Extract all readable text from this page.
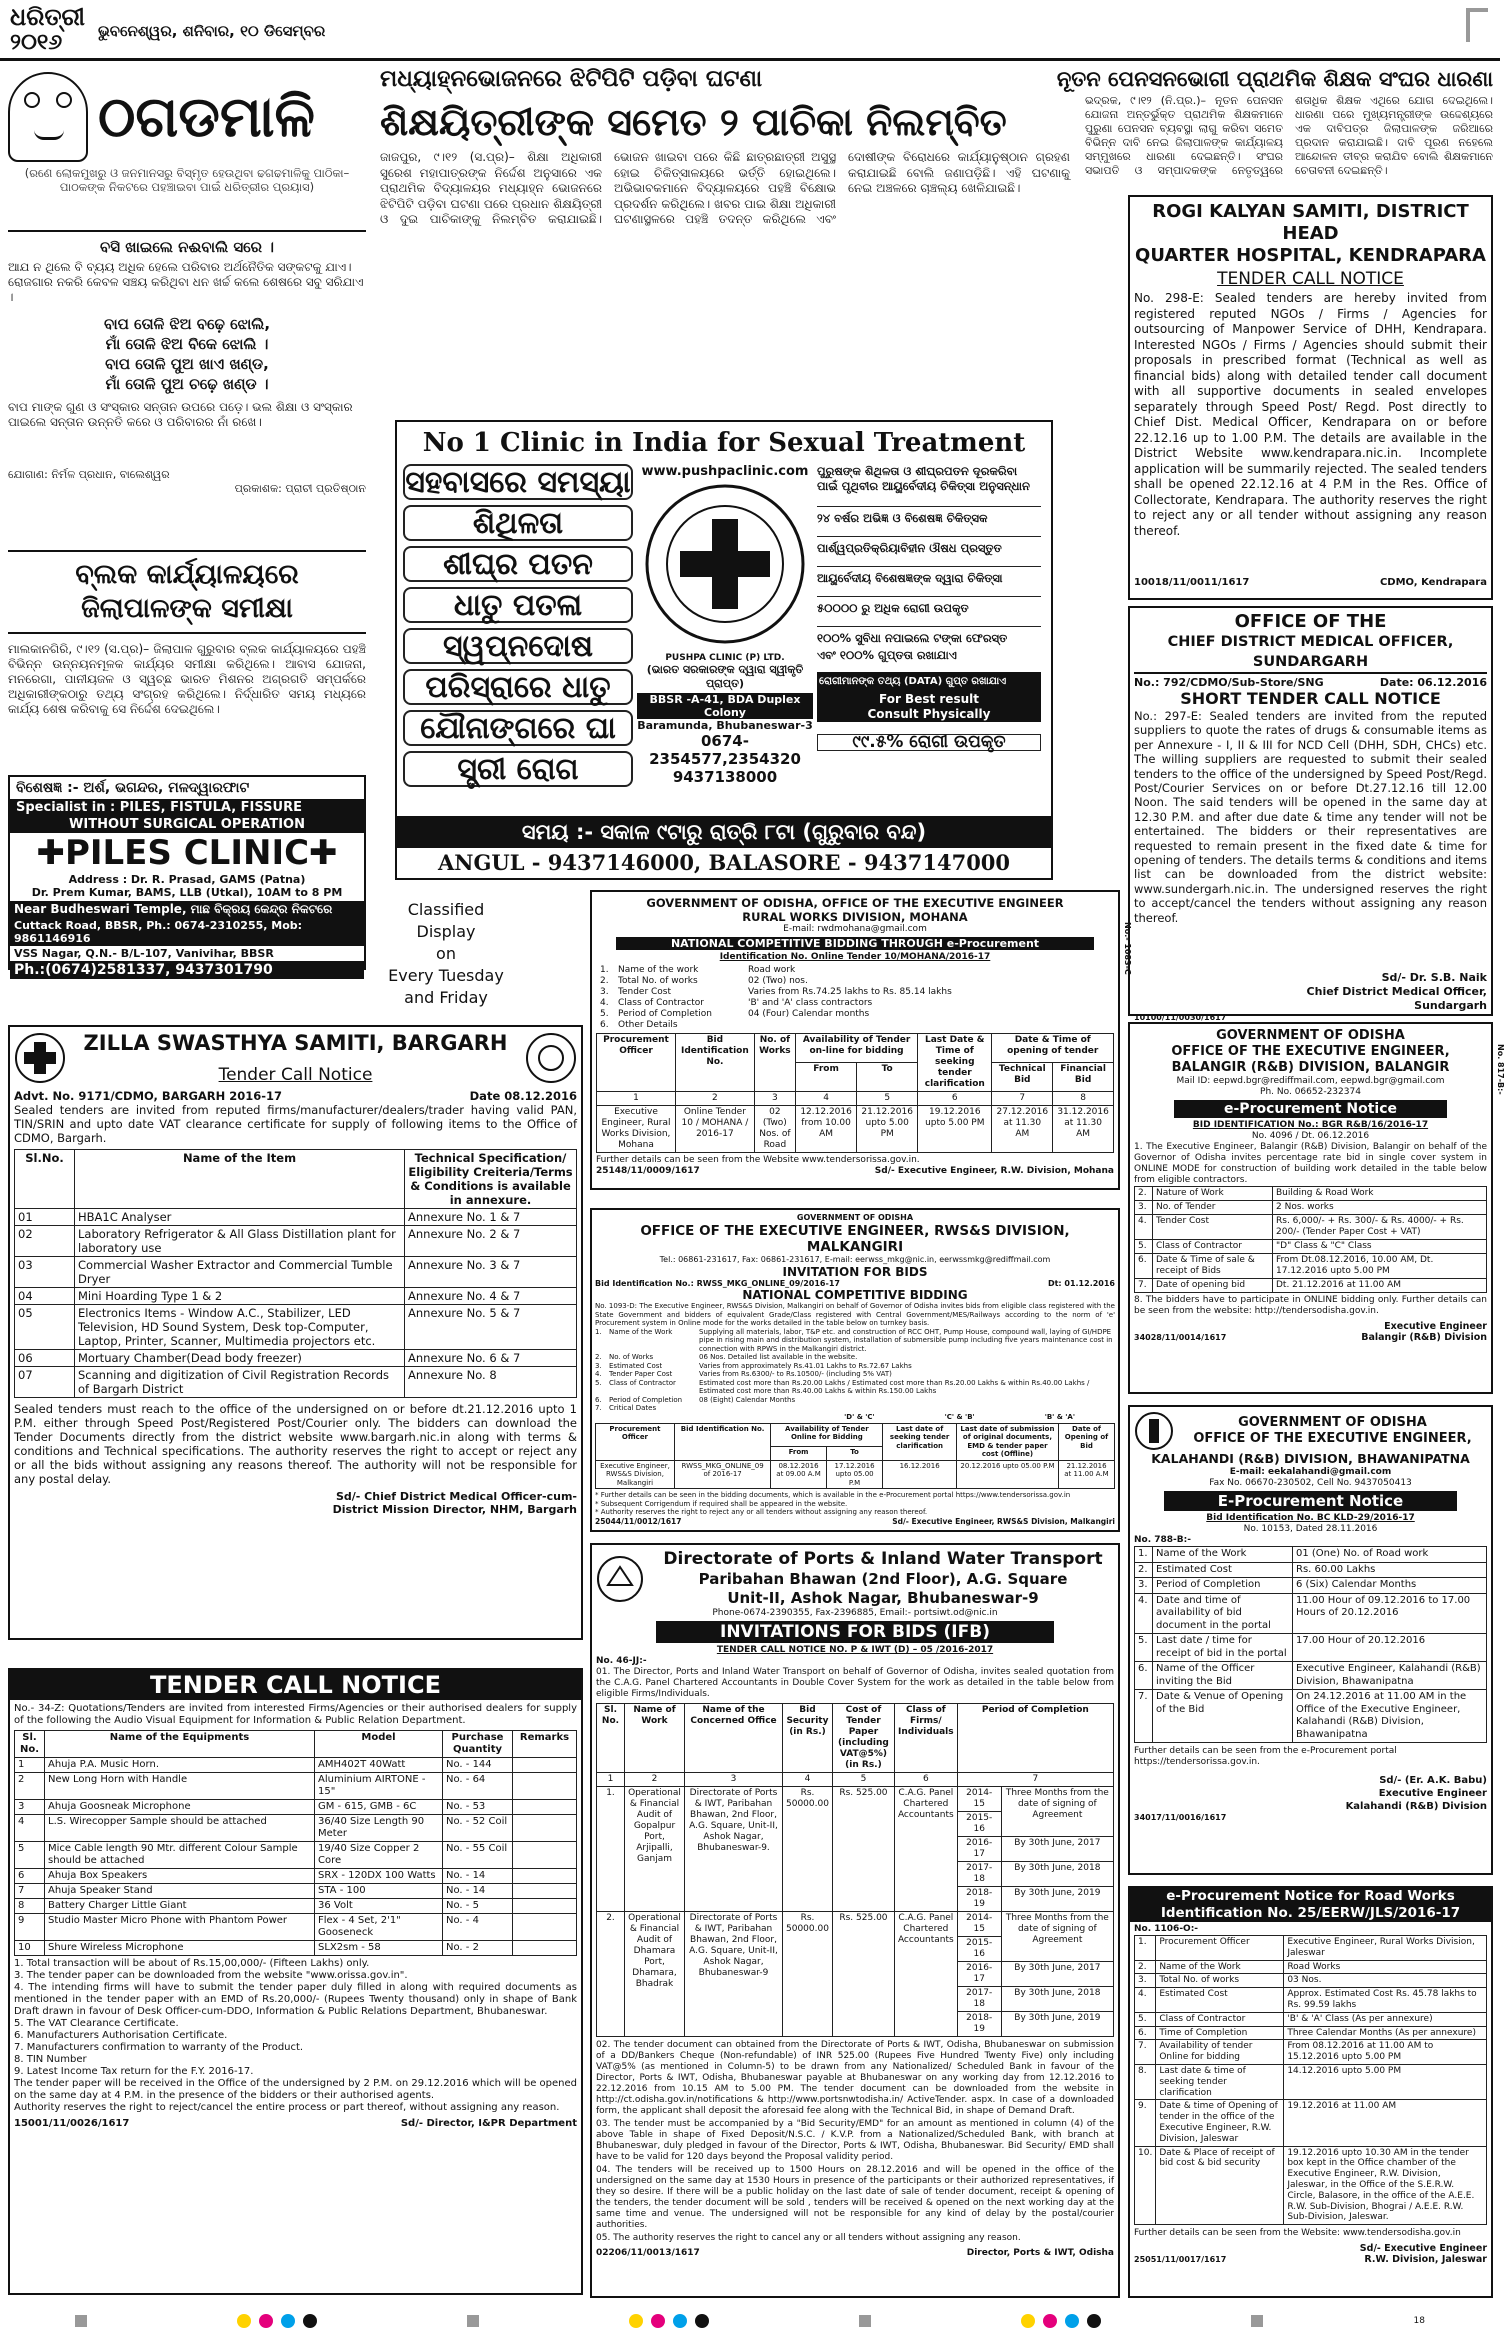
ଧରିତ୍ରୀ
୨୦୧୬	ଭୁବନେଶ୍ୱର, ଶନିବାର, ୧୦ ଡିସେମ୍ବର
ଠଗଡମାଳି
(ରଣେ ଲୋକମୁଖରୁ ଓ ଜନମାନସରୁ ବିସ୍ମୃତ ହେଉଥିବା ଢଗଢମାଳିକୁ ପାଠିକା–ପାଠକଙ୍କ ନିକଟରେ ପହଞ୍ଚାଇବା ପାଇଁ ଧରିତ୍ରୀର ପ୍ରୟାସ)
ବସି ଖାଇଲେ ନଈବାଲି ସରେ ।
ଆଯ ନ ଥିଲେ ବି ବ୍ୟୟ ଅଧିକ ହେଲେ ପରିବାର ଅର୍ଥନୈତିକ ସଙ୍କଟକୁ ଯାଏ। ରୋଜଗାର ନକରି କେବଳ ସଞ୍ଚୟ କରିଥିବା ଧନ ଖର୍ଚ୍ଚ କଲେ ଶେଷରେ ସବୁ ସରିଯାଏ ।
ବାପ ତୋଳି ଝିଅ ବଢ଼େ ଝୋଲି,
ମାଁ ତୋଳି ଝିଅ ବିକେ ଝୋଲି ।
ବାପ ତୋଳି ପୁଅ ଖାଏ ଖଣ୍ଡ,
ମାଁ ତୋଳି ପୁଅ ଚଢ଼େ ଖଣ୍ଡ ।
ବାପ ମାଙ୍କ ଗୁଣ ଓ ସଂସ୍କାର ସନ୍ତାନ ଉପରେ ପଡ଼େ। ଭଲ ଶିକ୍ଷା ଓ ସଂସ୍କାର ପାଇଲେ ସନ୍ତାନ ଉନ୍ନତି କରେ ଓ ପରିବାରର ନାଁ ରଖେ।
ଯୋଗାଣ: ନିର୍ମଳ ପ୍ରଧାନ, ବାଲେଶ୍ୱର
ପ୍ରକାଶକ: ପ୍ରାଚୀ ପ୍ରତିଷ୍ଠାନ
ବ୍ଲକ କାର୍ଯ୍ୟାଳୟରେ ଜିଲାପାଳଙ୍କ ସମୀକ୍ଷା
ମାଲକାନଗିରି, ୯।୧୨ (ସ.ପ୍ର)– ଜିଲାପାଳ ଗୁରୁବାର ବ୍ଲକ କାର୍ଯ୍ୟାଳୟରେ ପହଞ୍ଚି ବିଭିନ୍ନ ଉନ୍ନୟନମୂଳକ କାର୍ଯ୍ୟର ସମୀକ୍ଷା କରିଥିଲେ। ଆବାସ ଯୋଜନା, ମନରେଗା, ପାନୀୟଜଳ ଓ ସ୍ୱଚ୍ଛ ଭାରତ ମିଶନର ଅଗ୍ରଗତି ସମ୍ପର୍କରେ ଅଧିକାରୀଙ୍କଠାରୁ ତଥ୍ୟ ସଂଗ୍ରହ କରିଥିଲେ। ନିର୍ଦ୍ଧାରିତ ସମୟ ମଧ୍ୟରେ କାର୍ଯ୍ୟ ଶେଷ କରିବାକୁ ସେ ନିର୍ଦ୍ଦେଶ ଦେଇଥିଲେ।
ବିଶେଷଜ୍ଞ :- ଅର୍ଶ, ଭଗନ୍ଦର, ମଳଦ୍ୱାରଫାଟ
Specialist in : PILES, FISTULA, FISSURE
WITHOUT SURGICAL OPERATION
✚PILES CLINIC✚
Address : Dr. R. Prasad, GAMS (Patna)
Dr. Prem Kumar, BAMS, LLB (Utkal), 10AM to 8 PM
Near Budheswari Temple, ମାଛ ବିକ୍ରୟ କେନ୍ଦ୍ର ନିକଟରେ
Cuttack Road, BBSR, Ph.: 0674-2310255, Mob: 9861146916
VSS Nagar, Q.N.- B/L-107, Vanivihar, BBSR
Ph.:(0674)2581337, 9437301790
Classified Display
on
Every Tuesday
and Friday
ମଧ୍ୟାହ୍ନଭୋଜନରେ ଝିଟିପିଟି ପଡ଼ିବା ଘଟଣା
ଶିକ୍ଷୟିତ୍ରୀଙ୍କ ସମେତ ୨ ପାଚିକା ନିଲମ୍ବିତ
ଜାଜପୁର, ୯।୧୨ (ସ.ପ୍ର)– ଶିକ୍ଷା ଅଧିକାରୀ ସୁରେଶ ମହାପାତ୍ରଙ୍କ ନିର୍ଦ୍ଦେଶ ଅନୁସାରେ ଏକ ପ୍ରାଥମିକ ବିଦ୍ୟାଳୟର ମଧ୍ୟାହ୍ନ ଭୋଜନରେ ଝିଟିପିଟି ପଡ଼ିବା ଘଟଣା ପରେ ପ୍ରଧାନ ଶିକ୍ଷୟିତ୍ରୀ ଓ ଦୁଇ ପାଚିକାଙ୍କୁ ନିଲମ୍ବିତ କରାଯାଇଛି। ଭୋଜନ ଖାଇବା ପରେ କିଛି ଛାତ୍ରଛାତ୍ରୀ ଅସୁସ୍ଥ ହୋଇ ଚିକିତ୍ସାଳୟରେ ଭର୍ତ୍ତି ହୋଇଥିଲେ। ଅଭିଭାବକମାନେ ବିଦ୍ୟାଳୟରେ ପହଞ୍ଚି ବିକ୍ଷୋଭ ପ୍ରଦର୍ଶନ କରିଥିଲେ। ଖବର ପାଇ ଶିକ୍ଷା ଅଧିକାରୀ ଘଟଣାସ୍ଥଳରେ ପହଞ୍ଚି ତଦନ୍ତ କରିଥିଲେ ଏବଂ ଦୋଷୀଙ୍କ ବିରୋଧରେ କାର୍ଯ୍ୟାନୁଷ୍ଠାନ ଗ୍ରହଣ କରାଯାଇଛି ବୋଲି ଜଣାପଡ଼ିଛି। ଏହି ଘଟଣାକୁ ନେଇ ଅଞ୍ଚଳରେ ଚାଞ୍ଚଲ୍ୟ ଖେଳିଯାଇଛି।
ନୂତନ ପେନସନଭୋଗୀ ପ୍ରାଥମିକ ଶିକ୍ଷକ ସଂଘର ଧାରଣା
ଭଦ୍ରକ, ୯।୧୨ (ନି.ପ୍ର.)– ନୂତନ ପେନସନ ଯୋଜନା ଅନ୍ତର୍ଭୁକ୍ତ ପ୍ରାଥମିକ ଶିକ୍ଷକମାନେ ପୁରୁଣା ପେନସନ ବ୍ୟବସ୍ଥା ଲାଗୁ କରିବା ସମେତ ବିଭିନ୍ନ ଦାବି ନେଇ ଜିଲାପାଳଙ୍କ କାର୍ଯ୍ୟାଳୟ ସମ୍ମୁଖରେ ଧାରଣା ଦେଇଛନ୍ତି। ସଂଘର ସଭାପତି ଓ ସମ୍ପାଦକଙ୍କ ନେତୃତ୍ୱରେ ଶତାଧିକ ଶିକ୍ଷକ ଏଥିରେ ଯୋଗ ଦେଇଥିଲେ। ଧାରଣା ପରେ ମୁଖ୍ୟମନ୍ତ୍ରୀଙ୍କ ଉଦ୍ଦେଶ୍ୟରେ ଏକ ଦାବିପତ୍ର ଜିଲାପାଳଙ୍କ ଜରିଆରେ ପ୍ରଦାନ କରାଯାଇଛି। ଦାବି ପୂରଣ ନହେଲେ ଆନ୍ଦୋଳନ ତୀବ୍ର କରାଯିବ ବୋଲି ଶିକ୍ଷକମାନେ ଚେତାବନୀ ଦେଇଛନ୍ତି।
No 1 Clinic in India for Sexual Treatment
ସହବାସରେ ସମସ୍ୟା
ଶିଥିଳତା
ଶୀଘ୍ର ପତନ
ଧାତୁ ପତଳା
ସ୍ୱପ୍ନଦୋଷ
ପରିସ୍ରାରେ ଧାତୁ
ଯୌନାଙ୍ଗରେ ଘା
ସ୍ତ୍ରୀ ରୋଗ
www.pushpaclinic.com
PUSHPA CLINIC (P) LTD.
(ଭାରତ ସରକାରଙ୍କ ଦ୍ୱାରା ସ୍ୱୀକୃତି ପ୍ରାପ୍ତ)
BBSR -A-41, BDA Duplex Colony
Baramunda, Bhubaneswar-3
0674-2354577,2354320
9437138000
ପୁରୁଷଙ୍କ ଶିଥିଳତା ଓ ଶୀଘ୍ରପତନ ଦୂରକରିବା ପାଇଁ ପୃଥିବୀର ଆୟୁର୍ବେଦୀୟ ଚିକିତ୍ସା ଅନୁସନ୍ଧାନ
୨୪ ବର୍ଷର ଅଭିଜ୍ଞ ଓ ବିଶେଷଜ୍ଞ ଚିକିତ୍ସକ
ପାର୍ଶ୍ୱପ୍ରତିକ୍ରିୟାବିହୀନ ଔଷଧ ପ୍ରସ୍ତୁତ
ଆୟୁର୍ବେଦୀୟ ବିଶେଷଜ୍ଞଙ୍କ ଦ୍ୱାରା ଚିକିତ୍ସା
୫୦୦୦୦ ରୁ ଅଧିକ ରୋଗୀ ଉପକୃତ
୧୦୦% ସୁବିଧା ନପାଇଲେ ଟଙ୍କା ଫେରସ୍ତ
ଏବଂ ୧୦୦% ଗୁପ୍ତତା ରଖାଯାଏ
ରୋଗୀମାନଙ୍କ ତଥ୍ୟ (DATA) ଗୁପ୍ତ ରଖାଯାଏ
For Best result
Consult Physically
୯୯.୫% ରୋଗୀ ଉପକୃତ
ସମୟ :- ସକାଳ ୯ଟାରୁ ରାତ୍ରି ୮ଟା (ଗୁରୁବାର ବନ୍ଦ)
ANGUL - 9437146000, BALASORE - 9437147000
ROGI KALYAN SAMITI, DISTRICT HEAD
QUARTER HOSPITAL, KENDRAPARA
TENDER CALL NOTICE
No. 298-E: Sealed tenders are hereby invited from registered reputed NGOs / Firms / Agencies for outsourcing of Manpower Service of DHH, Kendrapara. Interested NGOs / Firms / Agencies should submit their proposals in prescribed format (Technical as well as financial bids) along with detailed tender call document with all supportive documents in sealed envelopes separately through Speed Post/ Regd. Post directly to Chief Dist. Medical Officer, Kendrapara on or before 22.12.16 up to 1.00 P.M. The details are available in the District Website www.kendrapara.nic.in. Incomplete application will be summarily rejected. The sealed tenders shall be opened 22.12.16 at 4 P.M in the Res. Office of Collectorate, Kendrapara. The authority reserves the right to reject any or all tender without assigning any reason thereof.
10018/11/0011/1617	CDMO, Kendrapara
OFFICE OF THE
CHIEF DISTRICT MEDICAL OFFICER, SUNDARGARH
No.: 792/CDMO/Sub-Store/SNG	Date: 06.12.2016
SHORT TENDER CALL NOTICE
No.: 297-E: Sealed tenders are invited from the reputed suppliers to quote the rates of drugs & consumable items as per Annexure - I, II & III for NCD Cell (DHH, SDH, CHCs) etc. The willing suppliers are requested to submit their sealed tenders to the office of the undersigned by Speed Post/Regd. Post/Courier Services on or before Dt.27.12.16 till 12.00 Noon. The said tenders will be opened in the same day at 12.30 P.M. and after due date & time any tender will not be entertained. The bidders or their representatives are requested to remain present in the fixed date & time for opening of tenders. The details terms & conditions and items list can be downloaded from the district website: www.sundergarh.nic.in. The undersigned reserves the right to accept/cancel the tenders without assigning any reason thereof.
Sd/- Dr. S.B. Naik
Chief District Medical Officer,
Sundargarh
10100/11/0030/1617
ZILLA SWASTHYA SAMITI, BARGARH
Tender Call Notice
Advt. No. 9171/CDMO, BARGARH 2016-17	Date 08.12.2016
Sealed tenders are invited from reputed firms/manufacturer/dealers/trader having valid PAN, TIN/SRIN and upto date VAT clearance certificate for supply of following items to the Office of CDMO, Bargarh.
Sl.No.	Name of the Item	Technical Specification/ Eligibility Creiteria/Terms & Conditions is available in annexure.
01	HBA1C Analyser	Annexure No. 1 & 7
02	Laboratory Refrigerator & All Glass Distillation plant for laboratory use	Annexure No. 2 & 7
03	Commercial Washer Extractor and Commercial Tumble Dryer	Annexure No. 3 & 7
04	Mini Hoarding Type 1 & 2	Annexure No. 4 & 7
05	Electronics Items - Window A.C., Stabilizer, LED Television, HD Sound System, Desk top-Computer, Laptop, Printer, Scanner, Multimedia projectors etc.	Annexure No. 5 & 7
06	Mortuary Chamber(Dead body freezer)	Annexure No. 6 & 7
07	Scanning and digitization of Civil Registration Records of Bargarh District	Annexure No. 8
Sealed tenders must reach to the office of the undersigned on or before dt.21.12.2016 upto 1 P.M. either through Speed Post/Registered Post/Courier only. The bidders can download the Tender Documents directly from the district website www.bargarh.nic.in along with terms & conditions and Technical specifications. The authority reserves the right to accept or reject any or all the bids without assigning any reasons thereof. The authority will not be responsible for any postal delay.
Sd/- Chief District Medical Officer-cum-
District Mission Director, NHM, Bargarh
TENDER CALL NOTICE
No.- 34-Z: Quotations/Tenders are invited from interested Firms/Agencies or their authorised dealers for supply of the following the Audio Visual Equipment for Information & Public Relation Department.
Sl. No.	Name of the Equipments	Model	Purchase Quantity	Remarks
1	Ahuja P.A. Music Horn.	AMH402T 40Watt	No. - 144	
2	New Long Horn with Handle	Aluminium AIRTONE - 15"	No. - 64	
3	Ahuja Goosneak Microphone	GM - 615, GMB - 6C	No. - 53	
4	L.S. Wirecopper Sample should be attached	36/40 Size Length 90 Meter	No. - 52 Coil	
5	Mice Cable length 90 Mtr. different Colour Sample should be attached	19/40 Size Copper 2 Core	No. - 55 Coil	
6	Ahuja Box Speakers	SRX - 120DX 100 Watts	No. - 14	
7	Ahuja Speaker Stand	STA - 100	No. - 14	
8	Battery Charger Little Giant	36 Volt	No. - 5	
9	Studio Master Micro Phone with Phantom Power	Flex - 4 Set, 2'1" Gooseneck	No. - 4	
10	Shure Wireless Microphone	SLX2sm - 58	No. - 2	
1. Total transaction will be about of Rs.15,00,000/- (Fifteen Lakhs) only.
3. The tender paper can be downloaded from the website "www.orissa.gov.in".
4. The intending firms will have to submit the tender paper duly filled in along with required documents as mentioned in the tender paper with an EMD of Rs.20,000/- (Rupees Twenty thousand) only in shape of Bank Draft drawn in favour of Desk Officer-cum-DDO, Information & Public Relations Department, Bhubaneswar.
5. The VAT Clearance Certificate.
6. Manufacturers Authorisation Certificate.
7. Manufacturers confirmation to warranty of the Product.
8. TIN Number
9. Latest Income Tax return for the F.Y. 2016-17.
The tender paper will be received in the Office of the undersigned by 2 P.M. on 29.12.2016 which will be opened on the same day at 4 P.M. in the presence of the bidders or their authorised agents.
Authority reserves the right to reject/cancel the entire process or part thereof, without assigning any reason.
15001/11/0026/1617	Sd/- Director, I&PR Department
GOVERNMENT OF ODISHA, OFFICE OF THE EXECUTIVE ENGINEER
RURAL WORKS DIVISION, MOHANA
E-mail: rwdmohana@gmail.com
NATIONAL COMPETITIVE BIDDING THROUGH e-Procurement
Identification No. Online Tender 10/MOHANA/2016-17
1.	Name of the work	Road work
2.	Total No. of works	02 (Two) nos.
3.	Tender Cost	Varies from Rs.74.25 lakhs to Rs. 85.14 lakhs
4.	Class of Contractor	'B' and 'A' class contractors
5.	Period of Completion	04 (Four) Calendar months
6.	Other Details
Procurement Officer	Bid Identification No.	No. of Works	Availability of Tender on-line for bidding		Last Date & Time of seeking tender clarification	Date & Time of opening of tender	
			From	To		Technical Bid	Financial Bid
1	2	3	4	5	6	7	8
Executive Engineer, Rural Works Division, Mohana	Online Tender 10 / MOHANA / 2016-17	02 (Two) Nos. of Road	12.12.2016 from 10.00 AM	21.12.2016 upto 5.00 PM	19.12.2016 upto 5.00 PM	27.12.2016 at 11.30 AM	31.12.2016 at 11.30 AM
Further details can be seen from the Website www.tendersorissa.gov.in.
25148/11/0009/1617	Sd/- Executive Engineer, R.W. Division, Mohana
No.- 1083-C
GOVERNMENT OF ODISHA
OFFICE OF THE EXECUTIVE ENGINEER, RWS&S DIVISION, MALKANGIRI
Tel.: 06861-231617, Fax: 06861-231617, E-mail: eerwss_mkg@nic.in, eerwssmkg@rediffmail.com
INVITATION FOR BIDS
Bid Identification No.: RWSS_MKG_ONLINE_09/2016-17	Dt: 01.12.2016
NATIONAL COMPETITIVE BIDDING
No. 1093-D: The Executive Engineer, RWS&S Division, Malkangiri on behalf of Governor of Odisha invites bids from eligible class registered with the State Government and bidders of equivalent Grade/Class registered with Central Government/MES/Railways according to the norm of 'e' Procurement system in Online mode for the works detailed in the table below on turnkey basis.
1.	Name of the Work	Supplying all materials, labor, T&P etc. and construction of RCC OHT, Pump House, compound wall, laying of GI/HDPE pipe in rising main and distribution system, installation of submersible pump including five years maintenance cost in connection with RPWS in the Malkangiri district.
2.	No. of Works	06 Nos. Detailed list available in the website.
3.	Estimated Cost	Varies from approximately Rs.41.01 Lakhs to Rs.72.67 Lakhs
4.	Tender Paper Cost	Varies from Rs.6300/- to Rs.10500/- (including 5% VAT)
5.	Class of Contractor	Estimated cost more than Rs.20.00 Lakhs / Estimated cost more than Rs.20.00 Lakhs & within Rs.40.00 Lakhs / Estimated cost more than Rs.40.00 Lakhs & within Rs.150.00 Lakhs
6.	Period of Completion	08 (Eight) Calendar Months
7.	Critical Dates
'D' & 'C'	'C' & 'B'	'B' & 'A'
Procurement Officer	Bid Identification No.	Availability of Tender Online for Bidding		Last date of seeking tender clarification	Last date of submission of original documents, EMD & tender paper cost (Offline)	Date of Opening of Bid
		From	To			
Executive Engineer, RWS&S Division, Malkangiri	RWSS_MKG_ONLINE_09 of 2016-17	08.12.2016 at 09.00 A.M	17.12.2016 upto 05.00 P.M	16.12.2016	20.12.2016 upto 05.00 P.M	21.12.2016 at 11.00 A.M
* Further details can be seen in the bidding documents, which is available in the e-Procurement portal https://www.tendersorissa.gov.in
* Subsequent Corrigendum if required shall be appeared in the website.
* Authority reserves the right to reject any or all tenders without assigning any reason thereof.
25044/11/0012/1617	Sd/- Executive Engineer, RWS&S Division, Malkangiri
Directorate of Ports & Inland Water Transport
Paribahan Bhawan (2nd Floor), A.G. Square
Unit-II, Ashok Nagar, Bhubaneswar-9
Phone-0674-2390355, Fax-2396885, Email:- portsiwt.od@nic.in
INVITATIONS FOR BIDS (IFB)
TENDER CALL NOTICE NO. P & IWT (D) – 05 /2016-2017
No. 46-JJ:-
01. The Director, Ports and Inland Water Transport on behalf of Governor of Odisha, invites sealed quotation from the C.A.G. Panel Chartered Accountants in Double Cover System for the work as detailed in the table below from eligible Firms/Individuals.
Sl. No.	Name of Work	Name of the Concerned Office	Bid Security (in Rs.)	Cost of Tender Paper (including VAT@5%) (in Rs.)	Class of Firms/ Individuals	Period of Completion	
1	2	3	4	5	6	7	
1.	Operational & Financial Audit of Gopalpur Port, Arjipalli, Ganjam	Directorate of Ports & IWT, Paribahan Bhawan, 2nd Floor, A.G. Square, Unit-II, Ashok Nagar, Bhubaneswar-9.	Rs. 50000.00	Rs. 525.00	C.A.G. Panel Chartered Accountants	2014-15	Three Months from the date of signing of Agreement
						2015-16	
						2016-17	By 30th June, 2017
						2017-18	By 30th June, 2018
						2018-19	By 30th June, 2019
2.	Operational & Financial Audit of Dhamara Port, Dhamara, Bhadrak	Directorate of Ports & IWT, Paribahan Bhawan, 2nd Floor, A.G. Square, Unit-II, Ashok Nagar, Bhubaneswar-9	Rs. 50000.00	Rs. 525.00	C.A.G. Panel Chartered Accountants	2014-15	Three Months from the date of signing of Agreement
						2015-16	
						2016-17	By 30th June, 2017
						2017-18	By 30th June, 2018
						2018-19	By 30th June, 2019
02. The tender document can obtained from the Directorate of Ports & IWT, Odisha, Bhubaneswar on submission of a DD/Bankers Cheque (Non-refundable) of INR 525.00 (Rupees Five Hundred Twenty Five) only including VAT@5% (as mentioned in Column-5) to be drawn from any Nationalized/ Scheduled Bank in favour of the Director, Ports & IWT, Odisha, Bhubaneswar payable at Bhubaneswar on any working day from 12.12.2016 to 22.12.2016 from 10.15 AM to 5.00 PM. The tender document can be downloaded from the website in http://ct.odisha.gov.in/notifications & http://www.portsnwtodisha.in/ ActiveTender. aspx. In case of a downloaded form, the applicant shall deposit the aforesaid fee along with the Technical Bid, in shape of Demand Draft.
03. The tender must be accompanied by a "Bid Security/EMD" for an amount as mentioned in column (4) of the above Table in shape of Fixed Deposit/N.S.C. / K.V.P. from a Nationalized/Scheduled Bank, with branch at Bhubaneswar, duly pledged in favour of the Director, Ports & IWT, Odisha, Bhubaneswar. Bid Security/ EMD shall have to be valid for 120 days beyond the Proposal validity period.
04. The tenders will be received up to 1500 Hours on 28.12.2016 and will be opened in the office of the undersigned on the same day at 1530 Hours in presence of the participants or their authorized representatives, if they so desire. If there will be a public holiday on the last date of sale of tender document, receipt & opening of the tenders, the tender document will be sold , tenders will be received & opened on the next working day at the same time and venue. The undersigned will not be responsible for any kind of delay by the postal/courier authorities.
05. The authority reserves the right to cancel any or all tenders without assigning any reason.
02206/11/0013/1617	Director, Ports & IWT, Odisha
GOVERNMENT OF ODISHA
OFFICE OF THE EXECUTIVE ENGINEER,
BALANGIR (R&B) DIVISION, BALANGIR
Mail ID: eepwd.bgr@rediffmail.com, eepwd.bgr@gmail.com
Ph. No. 06652-232374
e-Procurement Notice
BID IDENTIFICATION No.: BGR R&B/16/2016-17
No. 4096 / Dt. 06.12.2016
1. The Executive Engineer, Balangir (R&B) Division, Balangir on behalf of the Governor of Odisha invites percentage rate bid in single cover system in ONLINE MODE for construction of building work detailed in the table below from eligible contractors.
2.	Nature of Work	Building & Road Work
3.	No. of Tender	2 Nos. works
4.	Tender Cost	Rs. 6,000/- + Rs. 300/- & Rs. 4000/- + Rs. 200/- (Tender Paper Cost + VAT)
5.	Class of Contractor	"D" Class & "C" Class
6.	Date & Time of sale & receipt of Bids	From Dt.08.12.2016, 10.00 AM, Dt. 17.12.2016 upto 5.00 PM
7.	Date of opening bid	Dt. 21.12.2016 at 11.00 AM
8. The bidders have to participate in ONLINE bidding only. Further details can be seen from the website: http://tendersodisha.gov.in.
34028/11/0014/1617
Executive Engineer
Balangir (R&B) Division
No. 817-B:-
GOVERNMENT OF ODISHA
OFFICE OF THE EXECUTIVE ENGINEER,
KALAHANDI (R&B) DIVISION, BHAWANIPATNA
E-mail: eekalahandi@gmail.com
Fax No. 06670-230502, Cell No. 9437050413
E-Procurement Notice
Bid Identification No. BC KLD-29/2016-17
No. 10153, Dated 28.11.2016
No. 788-B:-
1.	Name of the Work	01 (One) No. of Road work
2.	Estimated Cost	Rs. 60.00 Lakhs
3.	Period of Completion	6 (Six) Calendar Months
4.	Date and time of availability of bid document in the portal	11.00 Hour of 09.12.2016 to 17.00 Hours of 20.12.2016
5.	Last date / time for receipt of bid in the portal	17.00 Hour of 20.12.2016
6.	Name of the Officer inviting the Bid	Executive Engineer, Kalahandi (R&B) Division, Bhawanipatna
7.	Date & Venue of Opening of the Bid	On 24.12.2016 at 11.00 AM in the Office of the Executive Engineer, Kalahandi (R&B) Division, Bhawanipatna
Further details can be seen from the e-Procurement portal https://tendersorissa.gov.in.
Sd/- (Er. A.K. Babu)
Executive Engineer
Kalahandi (R&B) Division
34017/11/0016/1617
e-Procurement Notice for Road Works
Identification No. 25/EERW/JLS/2016-17
No. 1106-O:-
1.	Procurement Officer	Executive Engineer, Rural Works Division, Jaleswar
2.	Name of the Work	Road Works
3.	Total No. of works	03 Nos.
4.	Estimated Cost	Approx. Estimated Cost Rs. 45.78 lakhs to Rs. 99.59 lakhs
5.	Class of Contractor	'B' & 'A' Class (As per annexure)
6.	Time of Completion	Three Calendar Months (As per annexure)
7.	Availability of tender Online for bidding	From 08.12.2016 at 11.00 AM to 15.12.2016 upto 5.00 PM
8.	Last date & time of seeking tender clarification	14.12.2016 upto 5.00 PM
9.	Date & time of Opening of tender in the office of the Executive Engineer, R.W. Division, Jaleswar	19.12.2016 at 11.00 AM
10.	Date & Place of receipt of bid cost & bid security	19.12.2016 upto 10.30 AM in the tender box kept in the Office chamber of the Executive Engineer, R.W. Division, Jaleswar, in the Office of the S.E.R.W. Circle, Balasore, in the office of the A.E.E. R.W. Sub-Division, Bhograi / A.E.E. R.W. Sub-Division, Jaleswar.
Further details can be seen from the Website: www.tendersodisha.gov.in
25051/11/0017/1617
Sd/- Executive Engineer
R.W. Division, Jaleswar
18
